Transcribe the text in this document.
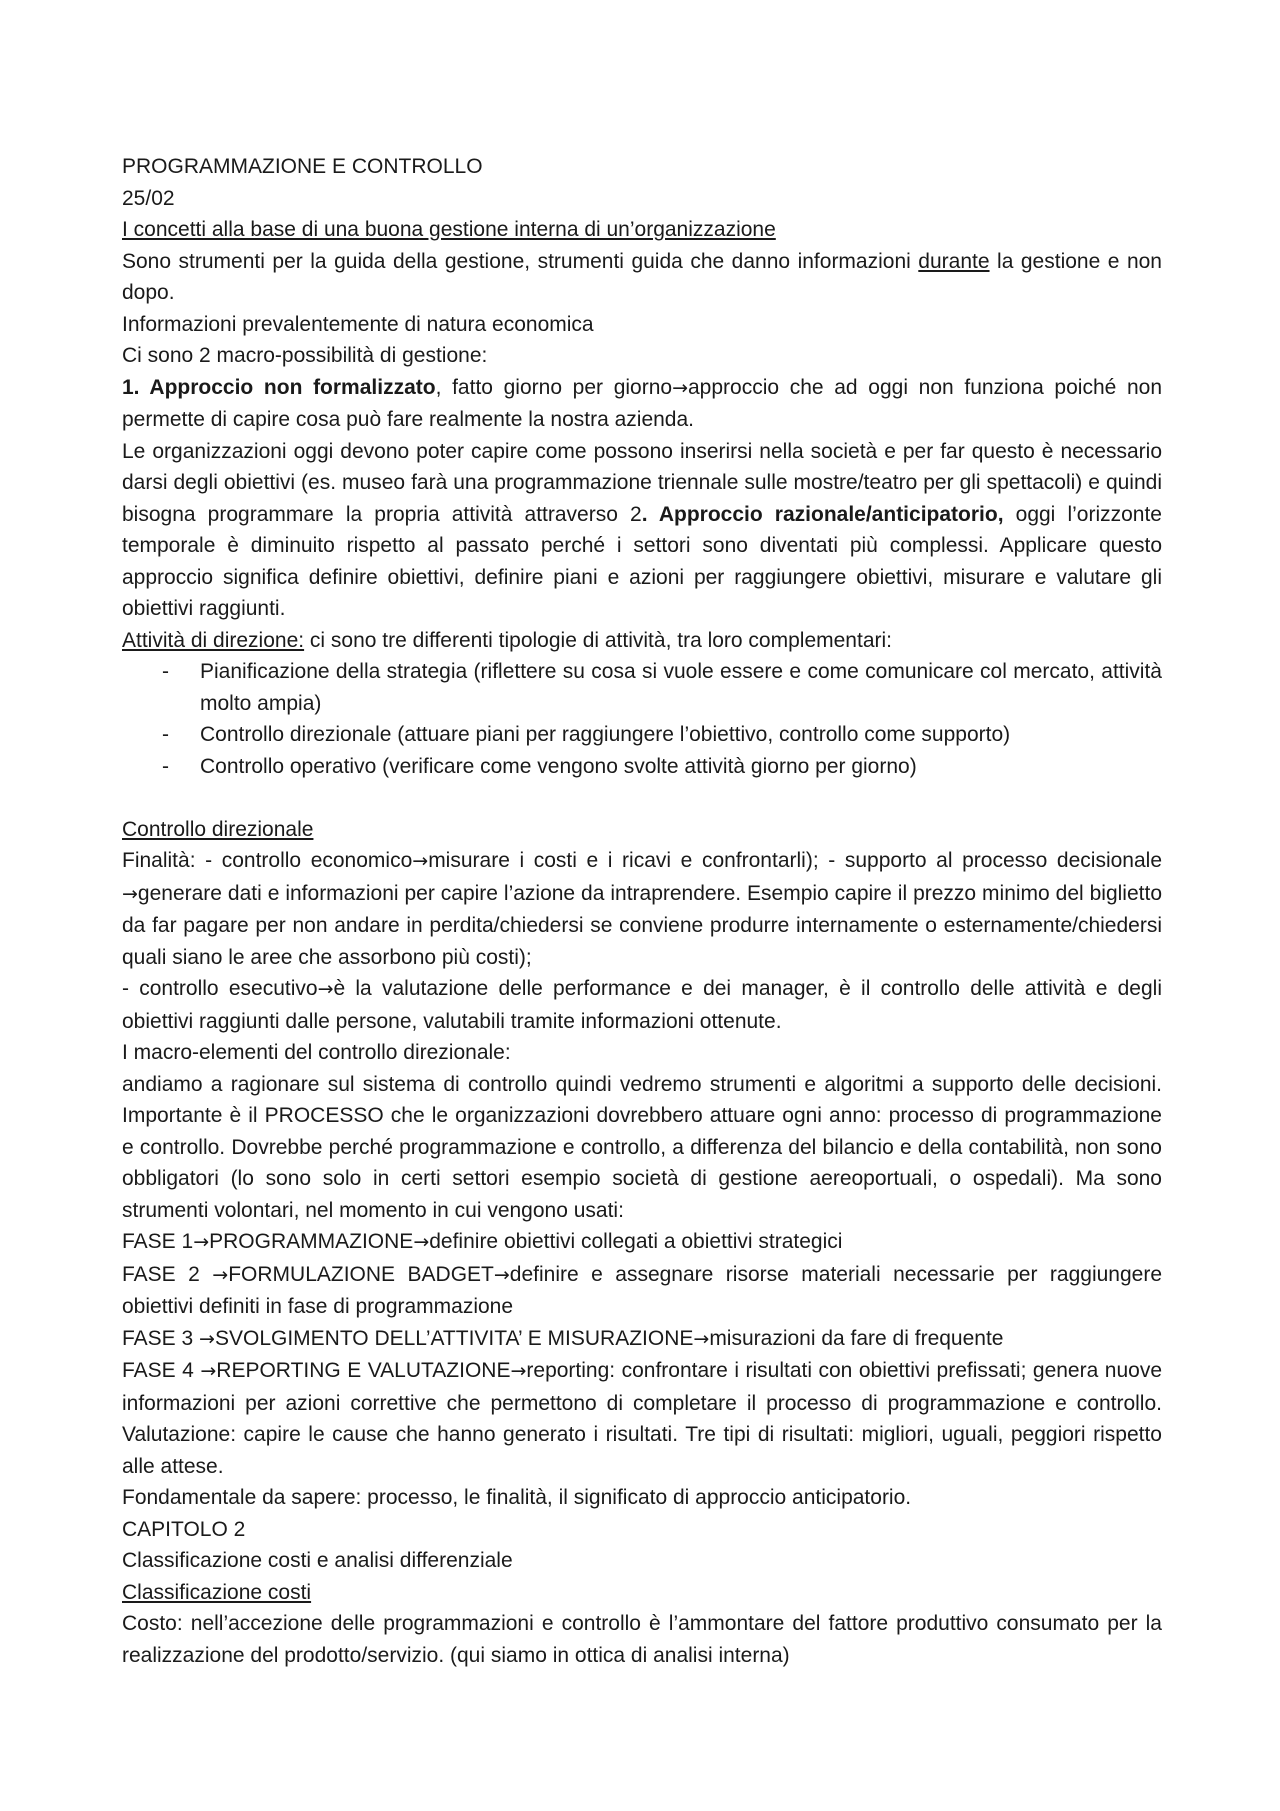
PROGRAMMAZIONE E CONTROLLO

25/02

I concetti alla base di una buona gestione interna di un’organizzazione

Sono strumenti per la guida della gestione, strumenti guida che danno informazioni durante la gestione e non dopo.

Informazioni prevalentemente di natura economica

Ci sono 2 macro-possibilità di gestione:

1. Approccio non formalizzato, fatto giorno per giorno→approccio che ad oggi non funziona poiché non permette di capire cosa può fare realmente la nostra azienda.

Le organizzazioni oggi devono poter capire come possono inserirsi nella società e per far questo è necessario darsi degli obiettivi (es. museo farà una programmazione triennale sulle mostre/teatro per gli spettacoli) e quindi bisogna programmare la propria attività attraverso 2. Approccio razionale/anticipatorio, oggi l’orizzonte temporale è diminuito rispetto al passato perché i settori sono diventati più complessi. Applicare questo approccio significa definire obiettivi, definire piani e azioni per raggiungere obiettivi, misurare e valutare gli obiettivi raggiunti.

Attività di direzione: ci sono tre differenti tipologie di attività, tra loro complementari:

- Pianificazione della strategia (riflettere su cosa si vuole essere e come comunicare col mercato, attività molto ampia)
- Controllo direzionale (attuare piani per raggiungere l’obiettivo, controllo come supporto)
- Controllo operativo (verificare come vengono svolte attività giorno per giorno)

Controllo direzionale

Finalità: - controllo economico→misurare i costi e i ricavi e confrontarli); - supporto al processo decisionale →generare dati e informazioni per capire l’azione da intraprendere. Esempio capire il prezzo minimo del biglietto da far pagare per non andare in perdita/chiedersi se conviene produrre internamente o esternamente/chiedersi quali siano le aree che assorbono più costi);

- controllo esecutivo→è la valutazione delle performance e dei manager, è il controllo delle attività e degli obiettivi raggiunti dalle persone, valutabili tramite informazioni ottenute.

I macro-elementi del controllo direzionale:

andiamo a ragionare sul sistema di controllo quindi vedremo strumenti e algoritmi a supporto delle decisioni. Importante è il PROCESSO che le organizzazioni dovrebbero attuare ogni anno: processo di programmazione e controllo. Dovrebbe perché programmazione e controllo, a differenza del bilancio e della contabilità, non sono obbligatori (lo sono solo in certi settori esempio società di gestione aereoportuali, o ospedali). Ma sono strumenti volontari, nel momento in cui vengono usati:

FASE 1→PROGRAMMAZIONE→definire obiettivi collegati a obiettivi strategici

FASE 2 →FORMULAZIONE BADGET→definire e assegnare risorse materiali necessarie per raggiungere obiettivi definiti in fase di programmazione

FASE 3 →SVOLGIMENTO DELL’ATTIVITA’ E MISURAZIONE→misurazioni da fare di frequente

FASE 4 →REPORTING E VALUTAZIONE→reporting: confrontare i risultati con obiettivi prefissati; genera nuove informazioni per azioni correttive che permettono di completare il processo di programmazione e controllo. Valutazione: capire le cause che hanno generato i risultati. Tre tipi di risultati: migliori, uguali, peggiori rispetto alle attese.

Fondamentale da sapere: processo, le finalità, il significato di approccio anticipatorio.

CAPITOLO 2

Classificazione costi e analisi differenziale

Classificazione costi

Costo: nell’accezione delle programmazioni e controllo è l’ammontare del fattore produttivo consumato per la realizzazione del prodotto/servizio. (qui siamo in ottica di analisi interna)
